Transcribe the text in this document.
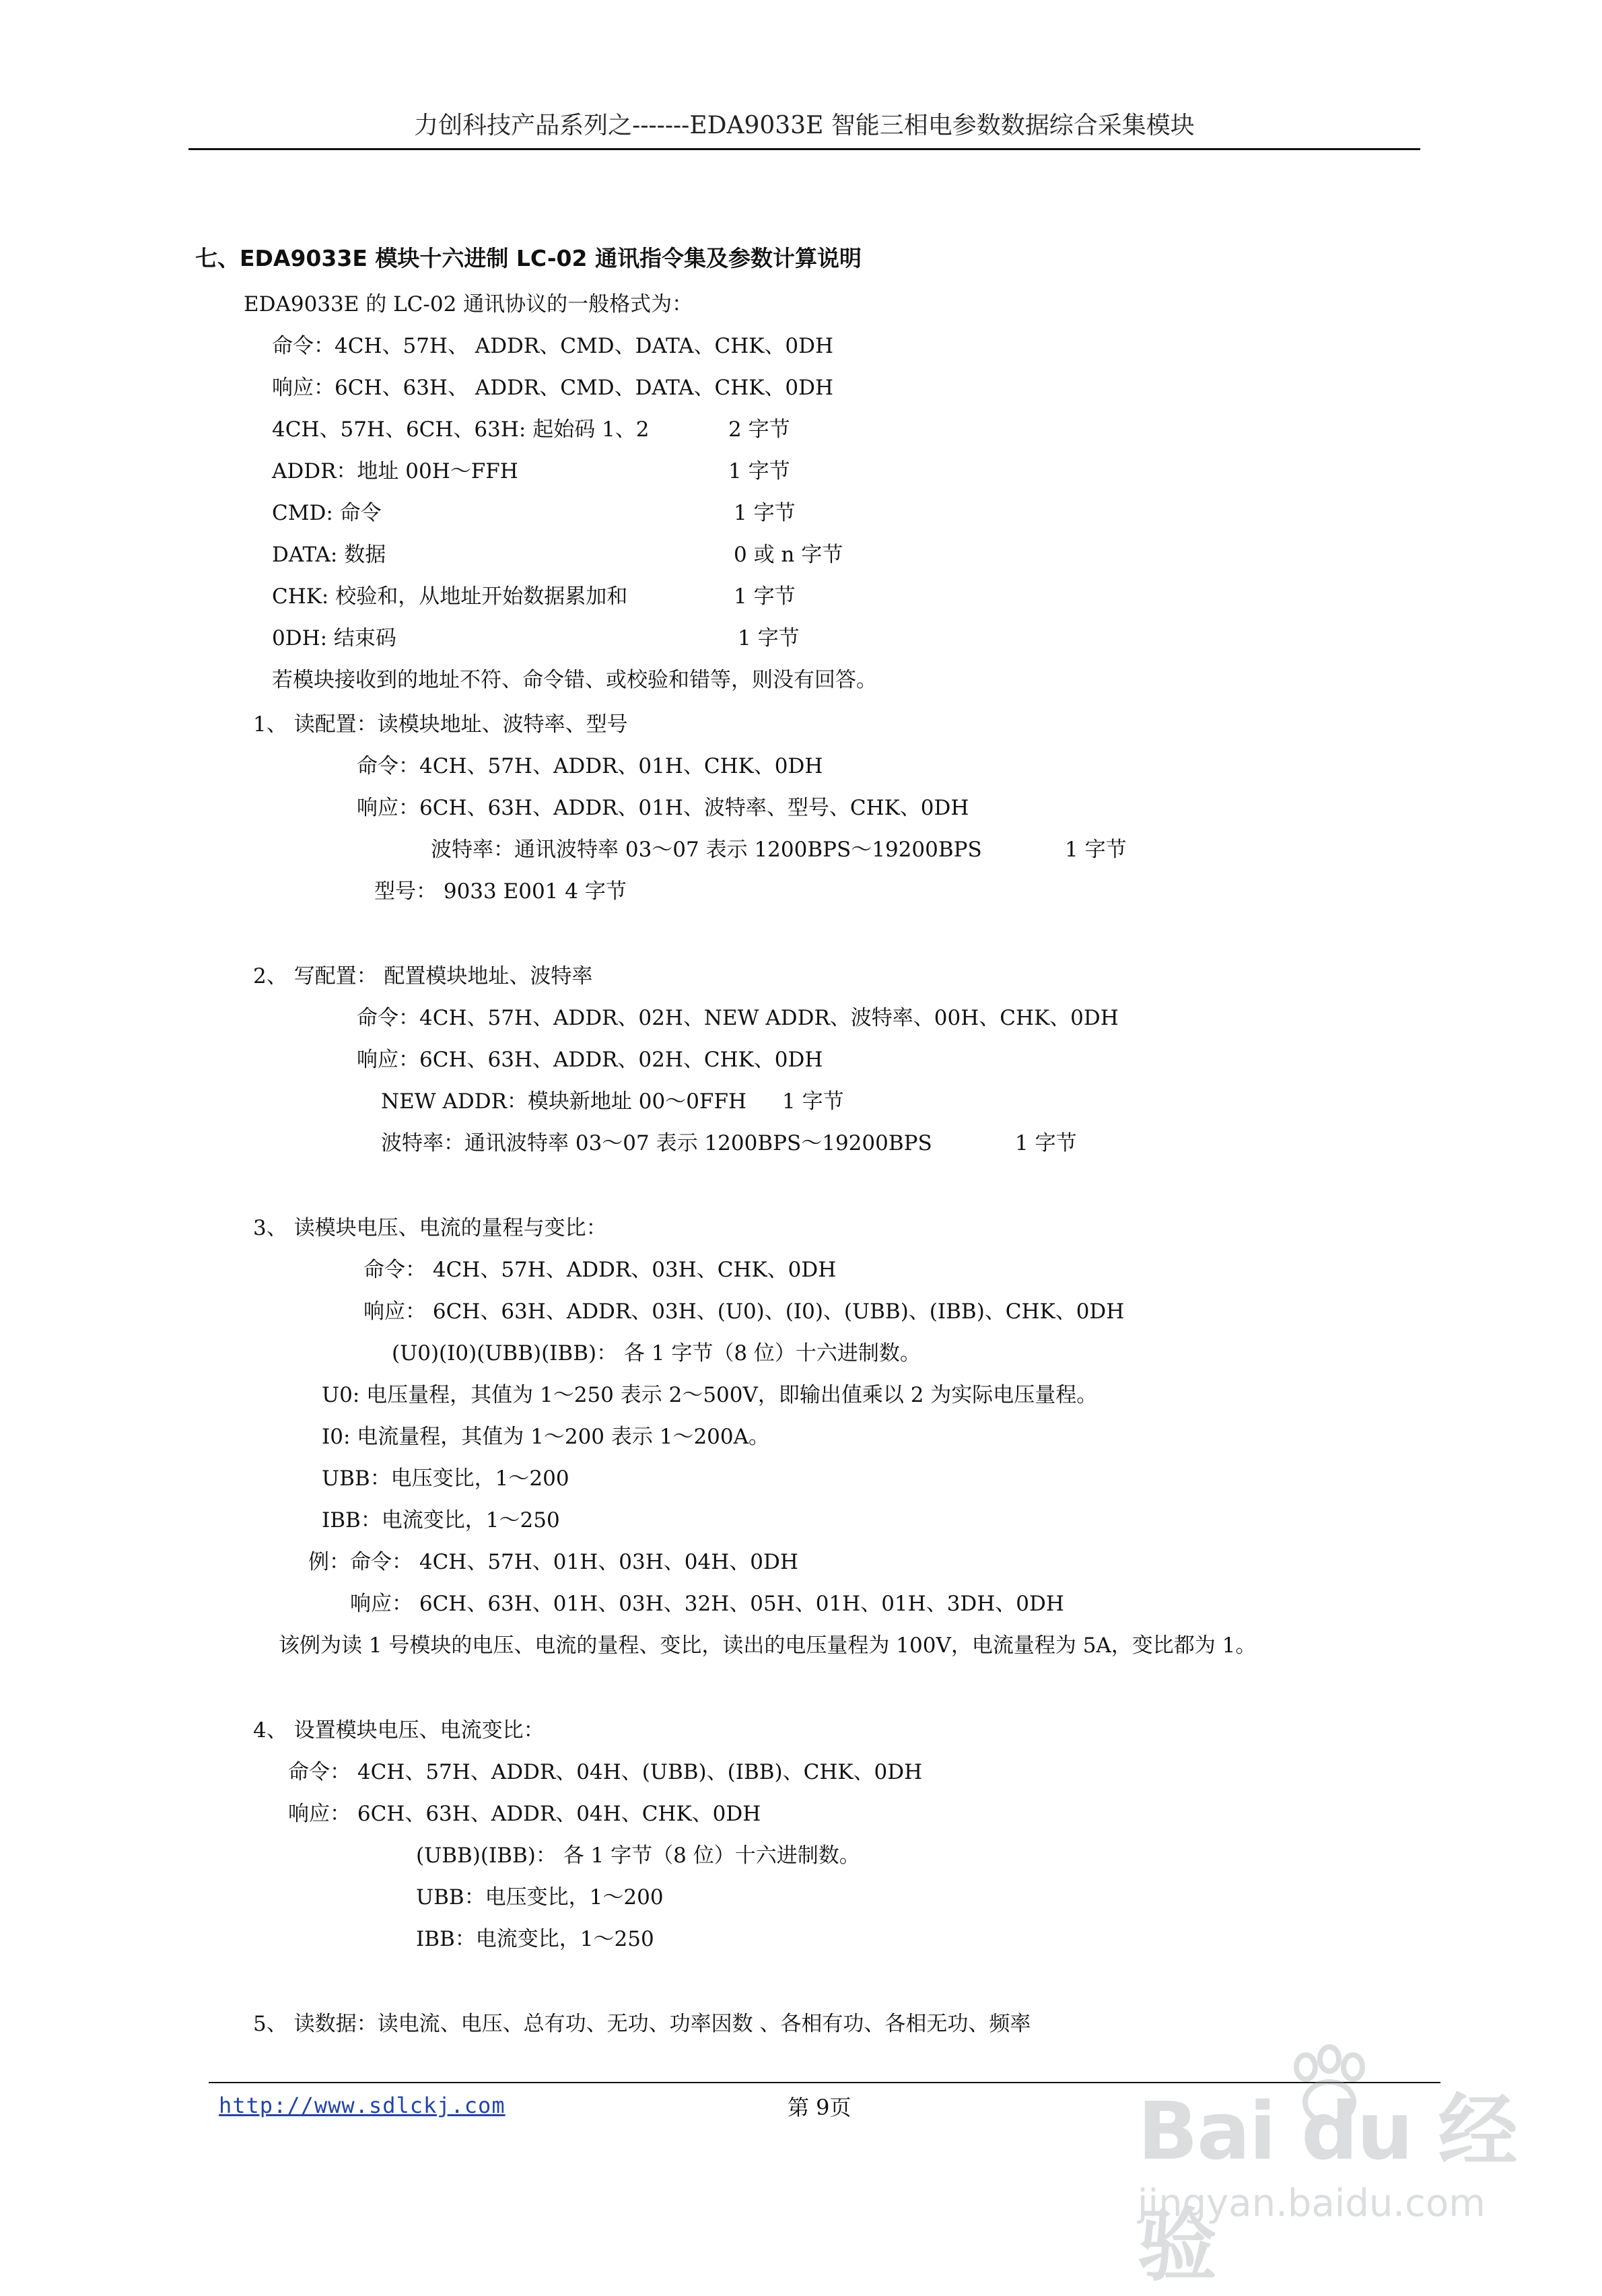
力创科技产品系列之-------EDA9033E 智能三相电参数数据综合采集模块
七、EDA9033E 模块十六进制 LC-02 通讯指令集及参数计算说明
EDA9033E 的 LC-02 通讯协议的一般格式为：
命令：4CH、57H、 ADDR、CMD、DATA、CHK、0DH
响应：6CH、63H、 ADDR、CMD、DATA、CHK、0DH
4CH、57H、6CH、63H: 起始码 1、2	2 字节
ADDR：地址 00H～FFH	1 字节
CMD: 命令	1 字节
DATA: 数据	0 或 n 字节
CHK: 校验和，从地址开始数据累加和	1 字节
0DH: 结束码	1 字节
若模块接收到的地址不符、命令错、或校验和错等，则没有回答。
1、 读配置：读模块地址、波特率、型号
命令：4CH、57H、ADDR、01H、CHK、0DH
响应：6CH、63H、ADDR、01H、波特率、型号、CHK、0DH
波特率：通讯波特率 03～07 表示 1200BPS～19200BPS	1 字节
型号： 9033 E001 4 字节
2、 写配置： 配置模块地址、波特率
命令：4CH、57H、ADDR、02H、NEW ADDR、波特率、00H、CHK、0DH
响应：6CH、63H、ADDR、02H、CHK、0DH
NEW ADDR：模块新地址 00～0FFH 1 字节
波特率：通讯波特率 03～07 表示 1200BPS～19200BPS	1 字节
3、 读模块电压、电流的量程与变比：
命令： 4CH、57H、ADDR、03H、CHK、0DH
响应： 6CH、63H、ADDR、03H、(U0)、(I0)、(UBB)、(IBB)、CHK、0DH
(U0)(I0)(UBB)(IBB)： 各 1 字节（8 位）十六进制数。
U0: 电压量程，其值为 1～250 表示 2～500V，即输出值乘以 2 为实际电压量程。
I0: 电流量程，其值为 1～200 表示 1～200A。
UBB：电压变比，1～200
IBB：电流变比，1～250
例：命令： 4CH、57H、01H、03H、04H、0DH
响应： 6CH、63H、01H、03H、32H、05H、01H、01H、3DH、0DH
该例为读 1 号模块的电压、电流的量程、变比，读出的电压量程为 100V，电流量程为 5A，变比都为 1。
4、 设置模块电压、电流变比：
命令： 4CH、57H、ADDR、04H、(UBB)、(IBB)、CHK、0DH
响应： 6CH、63H、ADDR、04H、CHK、0DH
(UBB)(IBB)： 各 1 字节（8 位）十六进制数。
UBB：电压变比，1～200
IBB：电流变比，1～250
5、 读数据：读电流、电压、总有功、无功、功率因数 、各相有功、各相无功、频率
http://www.sdlckj.com	第 9页	Bai du 经验
jingyan.baidu.com
